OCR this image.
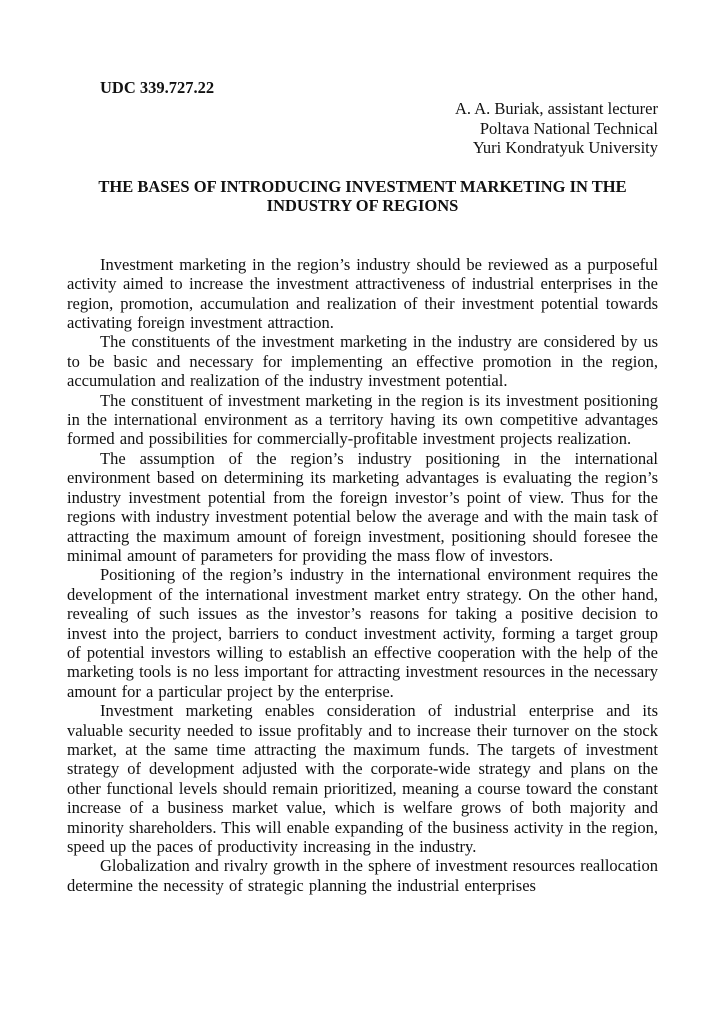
UDC 339.727.22
A. A. Buriak, assistant lecturer
Poltava National Technical
Yuri Kondratyuk University
THE BASES OF INTRODUCING INVESTMENT MARKETING IN THE INDUSTRY OF REGIONS

Investment marketing in the region’s industry should be reviewed as a purposeful activity aimed to increase the investment attractiveness of industrial enterprises in the region, promotion, accumulation and realization of their investment potential towards activating foreign investment attraction.

The constituents of the investment marketing in the industry are considered by us to be basic and necessary for implementing an effective promotion in the region, accumulation and realization of the industry investment potential.

The constituent of investment marketing in the region is its investment positioning in the international environment as a territory having its own competitive advantages formed and possibilities for commercially-profitable investment projects realization.

The assumption of the region’s industry positioning in the international environment based on determining its marketing advantages is evaluating the region’s industry investment potential from the foreign investor’s point of view. Thus for the regions with industry investment potential below the average and with the main task of attracting the maximum amount of foreign investment, positioning should foresee the minimal amount of parameters for providing the mass flow of investors.

Positioning of the region’s industry in the international environment requires the development of the international investment market entry strategy. On the other hand, revealing of such issues as the investor’s reasons for taking a positive decision to invest into the project, barriers to conduct investment activity, forming a target group of potential investors willing to establish an effective cooperation with the help of the marketing tools is no less important for attracting investment resources in the necessary amount for a particular project by the enterprise.

Investment marketing enables consideration of industrial enterprise and its valuable security needed to issue profitably and to increase their turnover on the stock market, at the same time attracting the maximum funds. The targets of investment strategy of development adjusted with the corporate-wide strategy and plans on the other functional levels should remain prioritized, meaning a course toward the constant increase of a business market value, which is welfare grows of both majority and minority shareholders. This will enable expanding of the business activity in the region, speed up the paces of productivity increasing in the industry.

Globalization and rivalry growth in the sphere of investment resources reallocation determine the necessity of strategic planning the industrial enterprises
